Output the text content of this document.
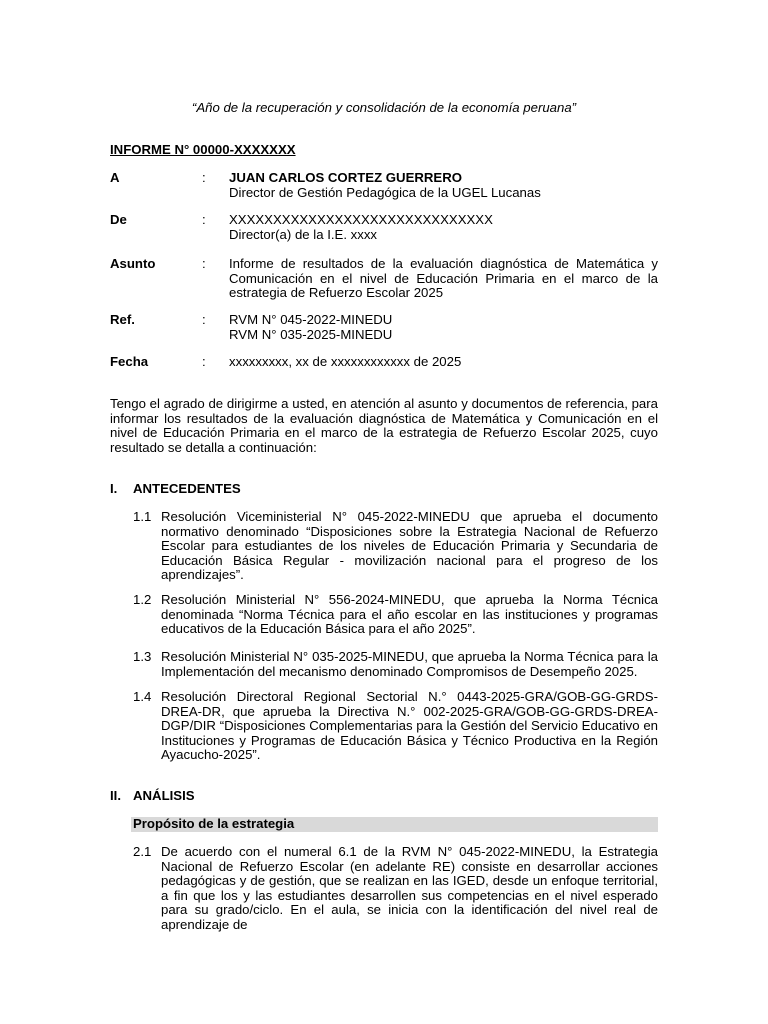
“Año de la recuperación y consolidación de la economía peruana”
INFORME N° 00000-XXXXXXX
A	: JUAN CARLOS CORTEZ GUERRERO
Director de Gestión Pedagógica de la UGEL Lucanas
De	: XXXXXXXXXXXXXXXXXXXXXXXXXXXXXX
Director(a) de la I.E. xxxx
Asunto	: Informe de resultados de la evaluación diagnóstica de Matemática y Comunicación en el nivel de Educación Primaria en el marco de la estrategia de Refuerzo Escolar 2025
Ref.	: RVM N° 045-2022-MINEDU
RVM N° 035-2025-MINEDU
Fecha	: xxxxxxxxx, xx de xxxxxxxxxxxx de 2025
Tengo el agrado de dirigirme a usted, en atención al asunto y documentos de referencia, para informar los resultados de la evaluación diagnóstica de Matemática y Comunicación en el nivel de Educación Primaria en el marco de la estrategia de Refuerzo Escolar 2025, cuyo resultado se detalla a continuación:
I. ANTECEDENTES
1.1 Resolución Viceministerial N° 045-2022-MINEDU que aprueba el documento normativo denominado “Disposiciones sobre la Estrategia Nacional de Refuerzo Escolar para estudiantes de los niveles de Educación Primaria y Secundaria de Educación Básica Regular - movilización nacional para el progreso de los aprendizajes”.
1.2 Resolución Ministerial N° 556-2024-MINEDU, que aprueba la Norma Técnica denominada “Norma Técnica para el año escolar en las instituciones y programas educativos de la Educación Básica para el año 2025”.
1.3 Resolución Ministerial N° 035-2025-MINEDU, que aprueba la Norma Técnica para la Implementación del mecanismo denominado Compromisos de Desempeño 2025.
1.4 Resolución Directoral Regional Sectorial N.° 0443-2025-GRA/GOB-GG-GRDS-DREA-DR, que aprueba la Directiva N.° 002-2025-GRA/GOB-GG-GRDS-DREA-DGP/DIR “Disposiciones Complementarias para la Gestión del Servicio Educativo en Instituciones y Programas de Educación Básica y Técnico Productiva en la Región Ayacucho-2025”.
II. ANÁLISIS
Propósito de la estrategia
2.1 De acuerdo con el numeral 6.1 de la RVM N° 045-2022-MINEDU, la Estrategia Nacional de Refuerzo Escolar (en adelante RE) consiste en desarrollar acciones pedagógicas y de gestión, que se realizan en las IGED, desde un enfoque territorial, a fin que los y las estudiantes desarrollen sus competencias en el nivel esperado para su grado/ciclo. En el aula, se inicia con la identificación del nivel real de aprendizaje de
